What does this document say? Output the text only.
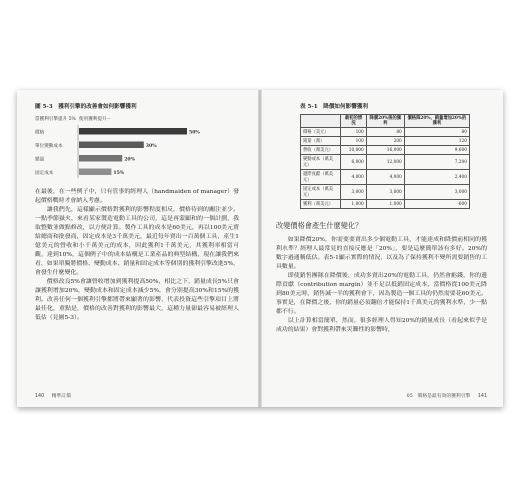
圖 5-3　獲利引擎的改善會如何影響獲利
當獲利引擎提升 5% 使用獲利提升－
價格	50%
單位變動成本	30%
銷量	20%
固定成本	15%

在最後，在一些例子中，只有管事的經理人（handmaiden of manager）發起價格戰時才會納入考慮。

讓我們先，這樣顯示價格對獲利的影響程度相反，價格待到的關注並少。一點季節嶽火，來看某家製造電動工具的公司，這是再蒙顧和的一個計劃，我取整數並做點修改，以方便計算。製作工具的成本是60美元，再以100美元賣給總商和批發商，固定成本是3千萬美元，最近每年賣出一百萬個工具，產生1億美元的營收和小千萬美元的成本，因此獲利1千萬美元，其獲利率相當可觀，達到10%，這個例子中的成本結構是工業產品的典型結構，現在讓我們來看，如果單獨將價格、變動成本、銷量和固定成本等個別的獲利引擎改進5%，會發生什麼變化。

價格改良5%會讓營收增加到獲利提高50%，相比之下，銷量成長5%只會讓獲利增加20%，變動成本和固定成本減少5%，會分別提高30%和15%的獲利。改善任何一個獲利引擎都將帶來顯著的影響，代表投資這些引擎項目上將最佳化，重點是，價格的改善對獲利的影響最大，這種力量卻最容易被經理人低估（見圖5-3）。

140 精準訂價
表 5-1　降價如何影響獲利
	最初的情況	降價20%後的獲利	價格降20%，銷量增加20%的獲利
價格（美元）	100	80	80
銷量（萬）	100	200	120
營收（萬美元）	10,000	16,000	9,600
變動成本（萬美元）	6,000	12,000	7,200
邊際貢獻（萬美元）	4,000	4,000	2,400
固定成本（萬美元）	3,000	3,000	3,000
獲利（萬美元）	1,000	1,000	-600
改變價格會產生什麼變化？

如果降價20%，你需要要賣出多少個電動工具，才能達成和降價前相同的獲利水準？經理人最常見的直接反應是「20%」，要是這麼簡單該有多好。20%的數字過通稱低估。表5-1顯示實際的情況，以及為了保持獲利不變所需要銷售的工具數量。

即使銷售團隊在降價後，成功多賣出20%的電動工具，仍然會虧錢，你的邊際貢獻（contribution margin）並不足以抵銷固定成本，當價格從100美元降到80美元時，銷售減一半的獲利會下，因為製造一個工具的仍然需要花60美元。事實是，在降價之後，你的銷量必須翻倍才能保持1千萬美元的獲利水準，少一點都不行。

以上計算相當簡單，然而，很多經理人得知20%的銷量成長（看起來似乎是成功的結果）會對獲利帶來災難性的影響時，

05　價格是最有效的獲利引擎 141
